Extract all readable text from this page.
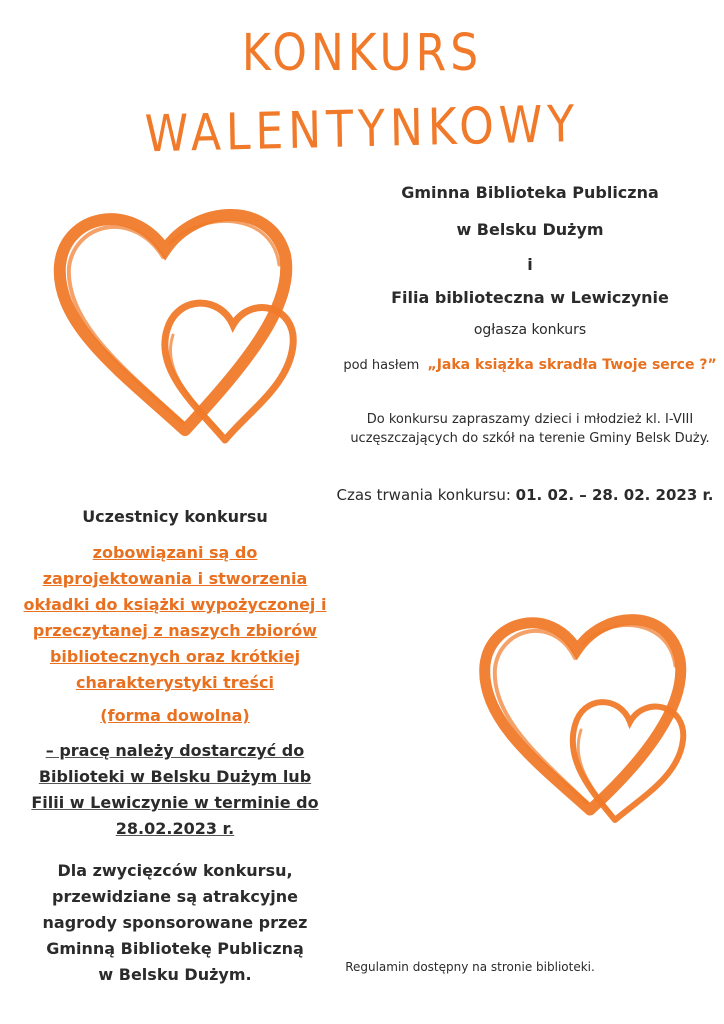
KONKURS
WALENTYNKOWY
Gminna Biblioteka Publiczna
w Belsku Dużym
i
Filia biblioteczna w Lewiczynie
ogłasza konkurs
pod hasłem „Jaka książka skradła Twoje serce ?”
Do konkursu zapraszamy dzieci i młodzież kl. I-VIII
uczęszczających do szkół na terenie Gminy Belsk Duży.
Czas trwania konkursu: 01. 02. – 28. 02. 2023 r.
Uczestnicy konkursu
zobowiązani są do
zaprojektowania i stworzenia
okładki do książki wypożyczonej i
przeczytanej z naszych zbiorów
bibliotecznych oraz krótkiej
charakterystyki treści
(forma dowolna)
– pracę należy dostarczyć do
Biblioteki w Belsku Dużym lub
Filii w Lewiczynie w terminie do
28.02.2023 r.
Dla zwycięzców konkursu,
przewidziane są atrakcyjne
nagrody sponsorowane przez
Gminną Bibliotekę Publiczną
w Belsku Dużym.	Regulamin dostępny na stronie biblioteki.
